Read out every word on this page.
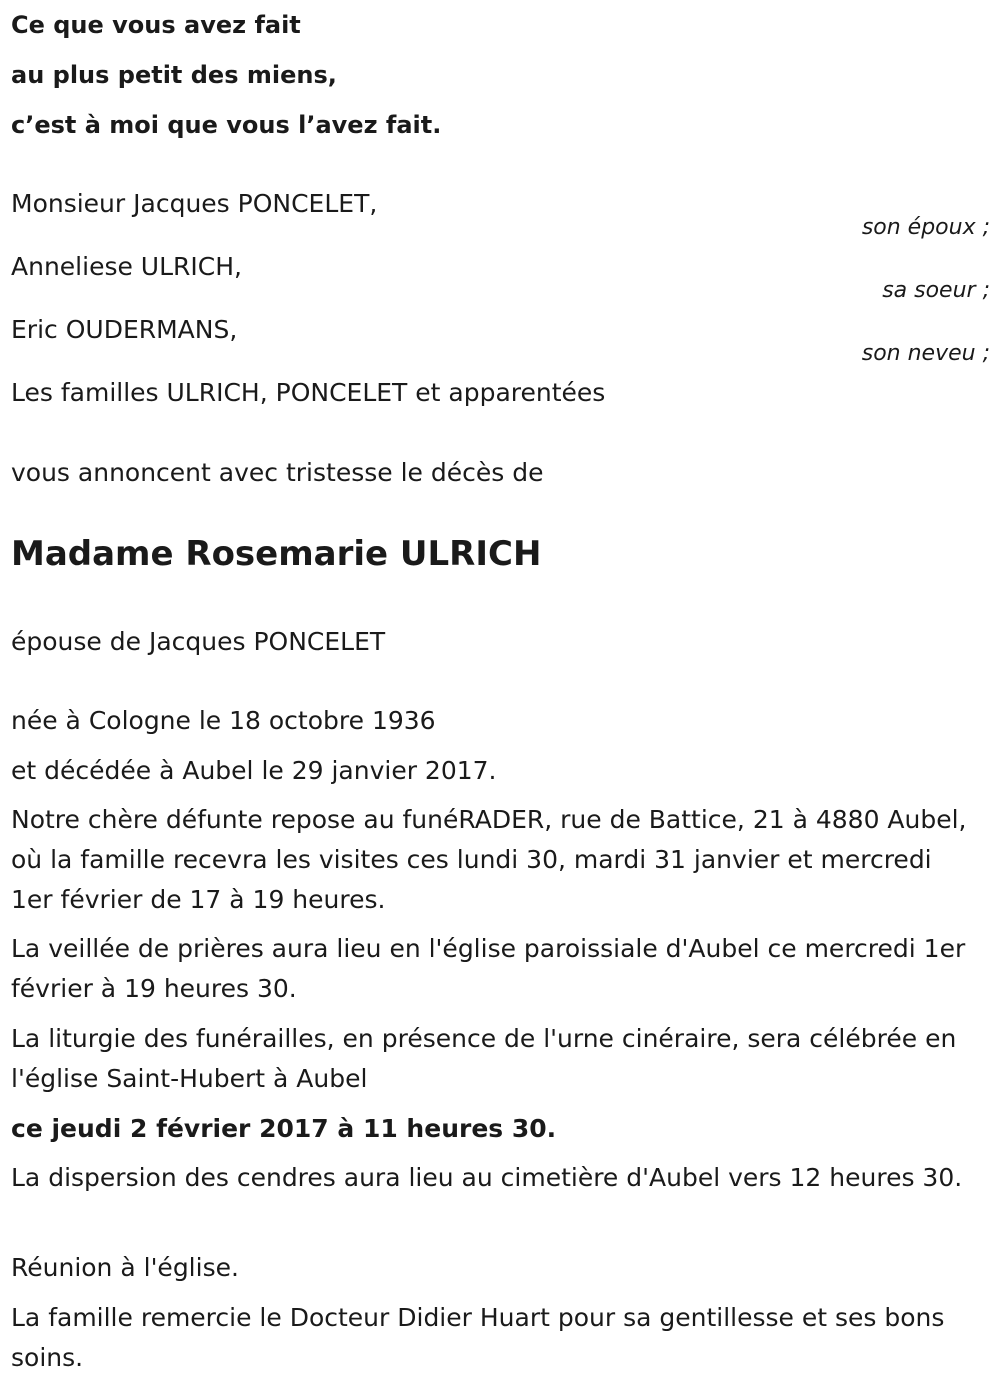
Ce que vous avez fait
au plus petit des miens,
c’est à moi que vous l’avez fait.
Monsieur Jacques PONCELET,
son époux ;
Anneliese ULRICH,
sa soeur ;
Eric OUDERMANS,
son neveu ;
Les familles ULRICH, PONCELET et apparentées
vous annoncent avec tristesse le décès de
Madame Rosemarie ULRICH
épouse de Jacques PONCELET
née à Cologne le 18 octobre 1936
et décédée à Aubel le 29 janvier 2017.
Notre chère défunte repose au funéRADER, rue de Battice, 21 à 4880 Aubel, où la famille recevra les visites ces lundi 30, mardi 31 janvier et mercredi 1er février de 17 à 19 heures.
La veillée de prières aura lieu en l'église paroissiale d'Aubel ce mercredi 1er février à 19 heures 30.
La liturgie des funérailles, en présence de l'urne cinéraire, sera célébrée en l'église Saint-Hubert à Aubel
ce jeudi 2 février 2017 à 11 heures 30.
La dispersion des cendres aura lieu au cimetière d'Aubel vers 12 heures 30.
Réunion à l'église.
La famille remercie le Docteur Didier Huart pour sa gentillesse et ses bons soins.
